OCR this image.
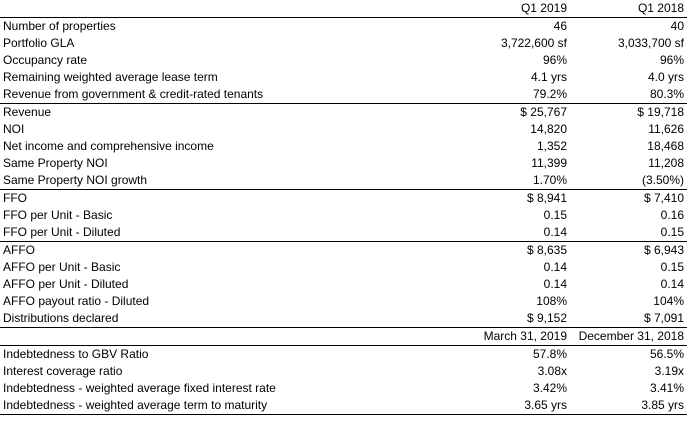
	Q1 2019	Q1 2018
Number of properties	46	40
Portfolio GLA	3,722,600 sf	3,033,700 sf
Occupancy rate	96%	96%
Remaining weighted average lease term	4.1 yrs	4.0 yrs
Revenue from government & credit-rated tenants	79.2%	80.3%
Revenue	$ 25,767	$ 19,718
NOI	14,820	11,626
Net income and comprehensive income	1,352	18,468
Same Property NOI	11,399	11,208
Same Property NOI growth	1.70%	(3.50%)
FFO	$ 8,941	$ 7,410
FFO per Unit - Basic	0.15	0.16
FFO per Unit - Diluted	0.14	0.15
AFFO	$ 8,635	$ 6,943
AFFO per Unit - Basic	0.14	0.15
AFFO per Unit - Diluted	0.14	0.14
AFFO payout ratio - Diluted	108%	104%
Distributions declared	$ 9,152	$ 7,091
	March 31, 2019	December 31, 2018
Indebtedness to GBV Ratio	57.8%	56.5%
Interest coverage ratio	3.08x	3.19x
Indebtedness - weighted average fixed interest rate	3.42%	3.41%
Indebtedness - weighted average term to maturity	3.65 yrs	3.85 yrs
